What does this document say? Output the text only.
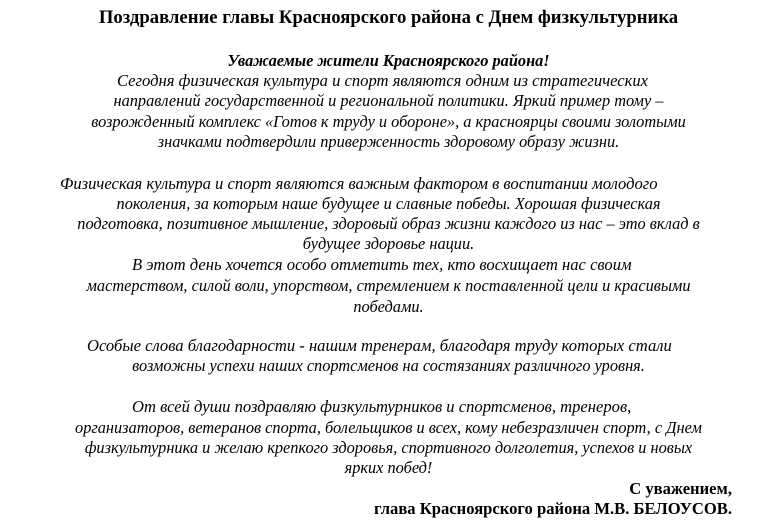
Поздравление главы Красноярского района с Днем физкультурника
Уважаемые жители Красноярского района!
Сегодня физическая культура и спорт являются одним из стратегических
направлений государственной и региональной политики. Яркий пример тому –
возрожденный комплекс «Готов к труду и обороне», а красноярцы своими золотыми
значками подтвердили приверженность здоровому образу жизни.
Физическая культура и спорт являются важным фактором в воспитании молодого
поколения, за которым наше будущее и славные победы. Хорошая физическая
подготовка, позитивное мышление, здоровый образ жизни каждого из нас – это вклад в
будущее здоровье нации.
В этот день хочется особо отметить тех, кто восхищает нас своим
мастерством, силой воли, упорством, стремлением к поставленной цели и красивыми
победами.
Особые слова благодарности - нашим тренерам, благодаря труду которых стали
возможны успехи наших спортсменов на состязаниях различного уровня.
От всей души поздравляю физкультурников и спортсменов, тренеров,
организаторов, ветеранов спорта, болельщиков и всех, кому небезразличен спорт, с Днем
физкультурника и желаю крепкого здоровья, спортивного долголетия, успехов и новых
ярких побед!
С уважением,
глава Красноярского района М.В. БЕЛОУСОВ.
